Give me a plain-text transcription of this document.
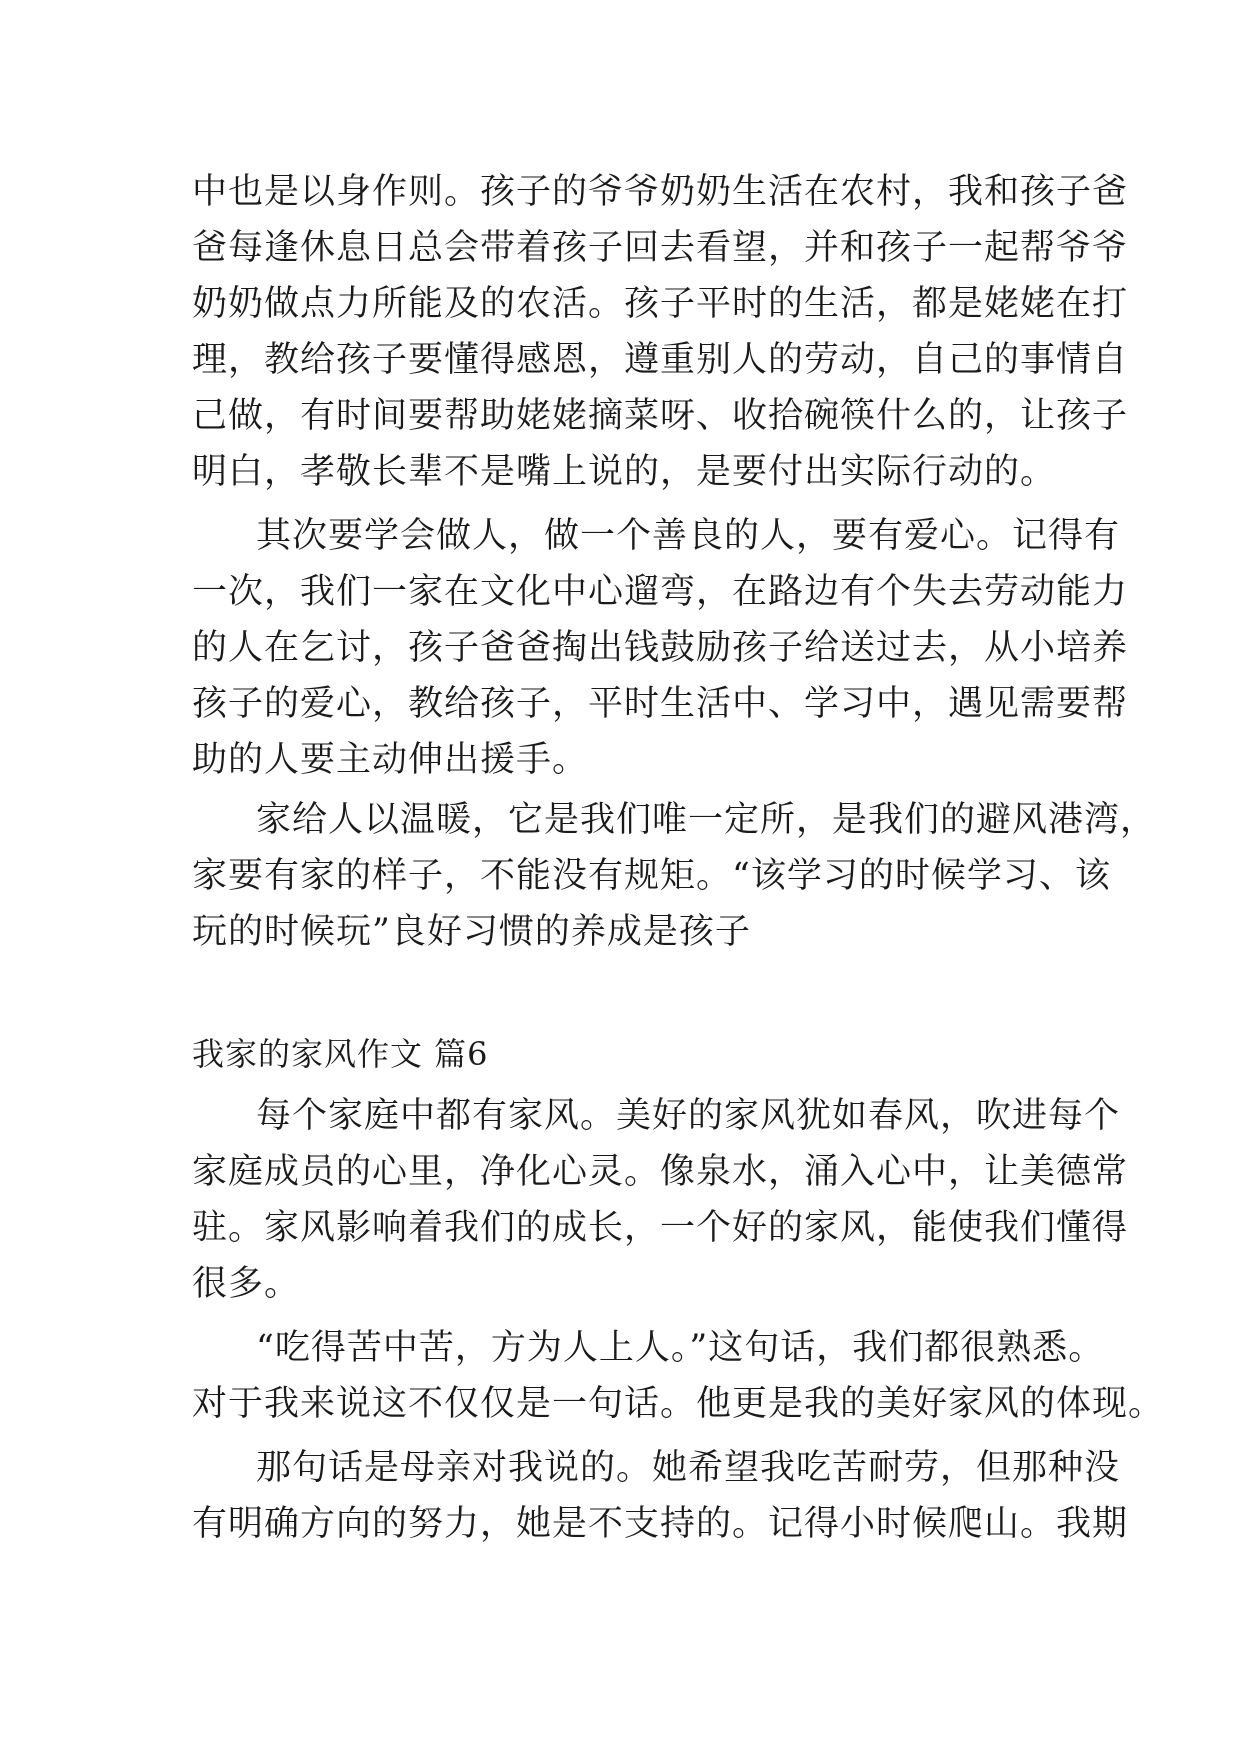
中也是以身作则。孩子的爷爷奶奶生活在农村，我和孩子爸
爸每逢休息日总会带着孩子回去看望，并和孩子一起帮爷爷
奶奶做点力所能及的农活。孩子平时的生活，都是姥姥在打
理，教给孩子要懂得感恩，遵重别人的劳动，自己的事情自
己做，有时间要帮助姥姥摘菜呀、收拾碗筷什么的，让孩子
明白，孝敬长辈不是嘴上说的，是要付出实际行动的。
其次要学会做人，做一个善良的人，要有爱心。记得有
一次，我们一家在文化中心遛弯，在路边有个失去劳动能力
的人在乞讨，孩子爸爸掏出钱鼓励孩子给送过去，从小培养
孩子的爱心，教给孩子，平时生活中、学习中，遇见需要帮
助的人要主动伸出援手。
家给人以温暖，它是我们唯一定所，是我们的避风港湾，
家要有家的样子，不能没有规矩。“该学习的时候学习、该
玩的时候玩”良好习惯的养成是孩子
我家的家风作文 篇6
每个家庭中都有家风。美好的家风犹如春风，吹进每个
家庭成员的心里，净化心灵。像泉水，涌入心中，让美德常
驻。家风影响着我们的成长，一个好的家风，能使我们懂得
很多。
“吃得苦中苦，方为人上人。”这句话，我们都很熟悉。
对于我来说这不仅仅是一句话。他更是我的美好家风的体现。
那句话是母亲对我说的。她希望我吃苦耐劳，但那种没
有明确方向的努力，她是不支持的。记得小时候爬山。我期
